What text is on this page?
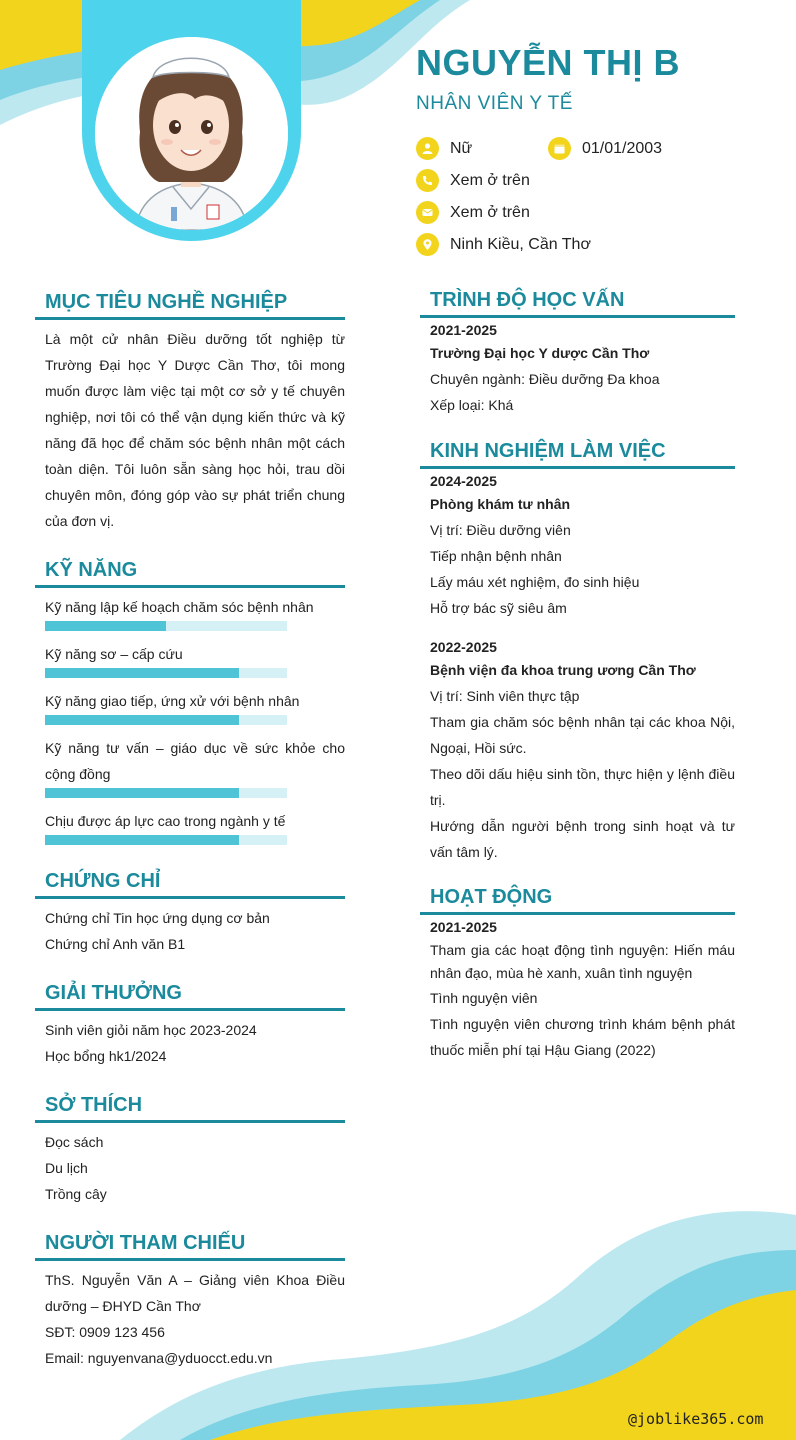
NGUYỄN THỊ B
NHÂN VIÊN Y TẾ
Nữ	01/01/2003
Xem ở trên
Xem ở trên
Ninh Kiều, Cần Thơ
MỤC TIÊU NGHỀ NGHIỆP
Là một cử nhân Điều dưỡng tốt nghiệp từ Trường Đại học Y Dược Cần Thơ, tôi mong muốn được làm việc tại một cơ sở y tế chuyên nghiệp, nơi tôi có thể vận dụng kiến thức và kỹ năng đã học để chăm sóc bệnh nhân một cách toàn diện. Tôi luôn sẵn sàng học hỏi, trau dồi chuyên môn, đóng góp vào sự phát triển chung của đơn vị.
KỸ NĂNG
Kỹ năng lập kế hoạch chăm sóc bệnh nhân
Kỹ năng sơ – cấp cứu
Kỹ năng giao tiếp, ứng xử với bệnh nhân
Kỹ năng tư vấn – giáo dục về sức khỏe cho cộng đồng
Chịu được áp lực cao trong ngành y tế
CHỨNG CHỈ
Chứng chỉ Tin học ứng dụng cơ bản
Chứng chỉ Anh văn B1
GIẢI THƯỞNG
Sinh viên giỏi năm học 2023-2024
Học bổng hk1/2024
SỞ THÍCH
Đọc sách
Du lịch
Trồng cây
NGƯỜI THAM CHIẾU
ThS. Nguyễn Văn A – Giảng viên Khoa Điều dưỡng – ĐHYD Cần Thơ
SĐT: 0909 123 456
Email: nguyenvana@yduocct.edu.vn
TRÌNH ĐỘ HỌC VẤN
2021-2025
Trường Đại học Y dược Cần Thơ
Chuyên ngành: Điều dưỡng Đa khoa
Xếp loại: Khá
KINH NGHIỆM LÀM VIỆC
2024-2025
Phòng khám tư nhân
Vị trí: Điều dưỡng viên
Tiếp nhận bệnh nhân
Lấy máu xét nghiệm, đo sinh hiệu
Hỗ trợ bác sỹ siêu âm
2022-2025
Bệnh viện đa khoa trung ương Cần Thơ
Vị trí: Sinh viên thực tập
Tham gia chăm sóc bệnh nhân tại các khoa Nội, Ngoại, Hồi sức.
Theo dõi dấu hiệu sinh tồn, thực hiện y lệnh điều trị.
Hướng dẫn người bệnh trong sinh hoạt và tư vấn tâm lý.
HOẠT ĐỘNG
2021-2025
Tham gia các hoạt động tình nguyện: Hiến máu nhân đạo, mùa hè xanh, xuân tình nguyện
Tình nguyện viên
Tình nguyện viên chương trình khám bệnh phát thuốc miễn phí tại Hậu Giang (2022)
@joblike365.com
